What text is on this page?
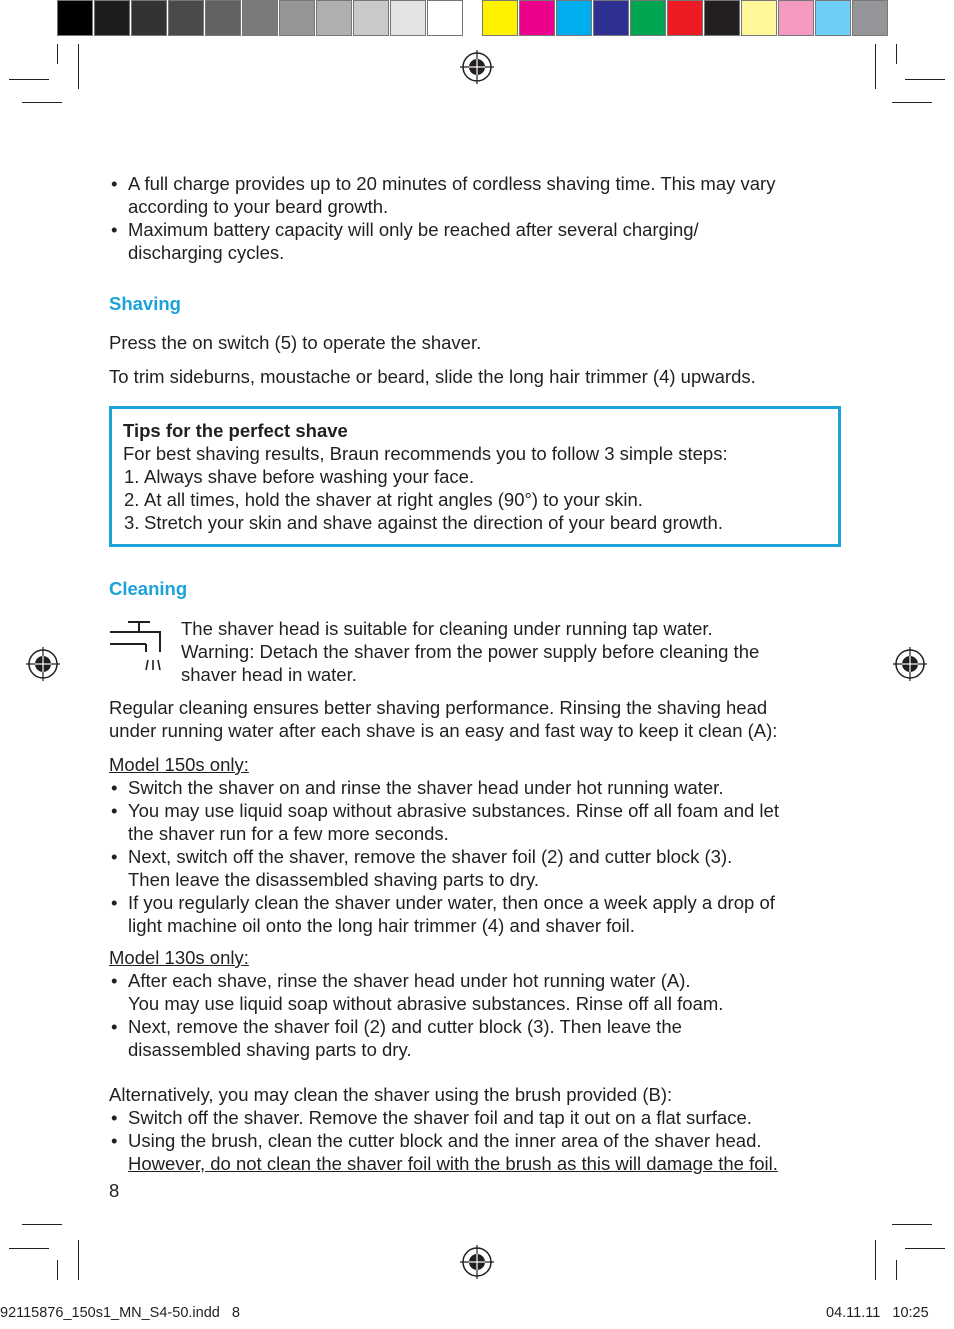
• A full charge provides up to 20 minutes of cordless shaving time. This may vary
according to your beard growth.
• Maximum battery capacity will only be reached after several charging/
discharging cycles.
Shaving

Press the on switch (5) to operate the shaver.

To trim sideburns, moustache or beard, slide the long hair trimmer (4) upwards.

Tips for the perfect shave
For best shaving results, Braun recommends you to follow 3 simple steps:
1. Always shave before washing your face.
2. At all times, hold the shaver at right angles (90°) to your skin.
3. Stretch your skin and shave against the direction of your beard growth.
Cleaning
The shaver head is suitable for cleaning under running tap water.
Warning: Detach the shaver from the power supply before cleaning the
shaver head in water.
Regular cleaning ensures better shaving performance. Rinsing the shaving head
under running water after each shave is an easy and fast way to keep it clean (A):
Model 150s only:
• Switch the shaver on and rinse the shaver head under hot running water.
• You may use liquid soap without abrasive substances. Rinse off all foam and let
the shaver run for a few more seconds.
• Next, switch off the shaver, remove the shaver foil (2) and cutter block (3).
Then leave the disassembled shaving parts to dry.
• If you regularly clean the shaver under water, then once a week apply a drop of
light machine oil onto the long hair trimmer (4) and shaver foil.
Model 130s only:
• After each shave, rinse the shaver head under hot running water (A).
You may use liquid soap without abrasive substances. Rinse off all foam.
• Next, remove the shaver foil (2) and cutter block (3). Then leave the
disassembled shaving parts to dry.
Alternatively, you may clean the shaver using the brush provided (B):
• Switch off the shaver. Remove the shaver foil and tap it out on a flat surface.
• Using the brush, clean the cutter block and the inner area of the shaver head.
However, do not clean the shaver foil with the brush as this will damage the foil.
8
92115876_150s1_MN_S4-50.indd   8	04.11.11   10:25
